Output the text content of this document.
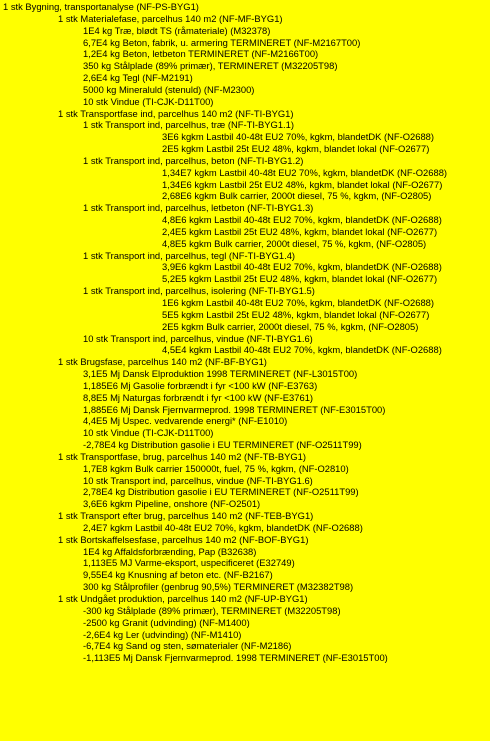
1 stk Bygning, transportanalyse (NF-PS-BYG1)
1 stk Materialefase, parcelhus 140 m2 (NF-MF-BYG1)
1E4 kg Træ, blødt TS (råmateriale) (M32378)
6,7E4 kg Beton, fabrik, u. armering TERMINERET (NF-M2167T00)
1,2E4 kg Beton, letbeton TERMINERET (NF-M2166T00)
350 kg Stålplade (89% primær), TERMINERET (M32205T98)
2,6E4 kg Tegl (NF-M2191)
5000 kg Mineraluld (stenuld) (NF-M2300)
10 stk Vindue (TI-CJK-D11T00)
1 stk Transportfase ind, parcelhus 140 m2 (NF-TI-BYG1)
1 stk Transport ind, parcelhus, træ (NF-TI-BYG1.1)
3E6 kgkm Lastbil 40-48t EU2 70%, kgkm, blandetDK (NF-O2688)
2E5 kgkm Lastbil 25t EU2 48%, kgkm, blandet lokal (NF-O2677)
1 stk Transport ind, parcelhus, beton (NF-TI-BYG1.2)
1,34E7 kgkm Lastbil 40-48t EU2 70%, kgkm, blandetDK (NF-O2688)
1,34E6 kgkm Lastbil 25t EU2 48%, kgkm, blandet lokal (NF-O2677)
2,68E6 kgkm Bulk carrier, 2000t diesel, 75 %, kgkm, (NF-O2805)
1 stk Transport ind, parcelhus, letbeton (NF-TI-BYG1.3)
4,8E6 kgkm Lastbil 40-48t EU2 70%, kgkm, blandetDK (NF-O2688)
2,4E5 kgkm Lastbil 25t EU2 48%, kgkm, blandet lokal (NF-O2677)
4,8E5 kgkm Bulk carrier, 2000t diesel, 75 %, kgkm, (NF-O2805)
1 stk Transport ind, parcelhus, tegl (NF-TI-BYG1.4)
3,9E6 kgkm Lastbil 40-48t EU2 70%, kgkm, blandetDK (NF-O2688)
5,2E5 kgkm Lastbil 25t EU2 48%, kgkm, blandet lokal (NF-O2677)
1 stk Transport ind, parcelhus, isolering (NF-TI-BYG1.5)
1E6 kgkm Lastbil 40-48t EU2 70%, kgkm, blandetDK (NF-O2688)
5E5 kgkm Lastbil 25t EU2 48%, kgkm, blandet lokal (NF-O2677)
2E5 kgkm Bulk carrier, 2000t diesel, 75 %, kgkm, (NF-O2805)
10 stk Transport ind, parcelhus, vindue (NF-TI-BYG1.6)
4,5E4 kgkm Lastbil 40-48t EU2 70%, kgkm, blandetDK (NF-O2688)
1 stk Brugsfase, parcelhus 140 m2 (NF-BF-BYG1)
3,1E5 Mj Dansk Elproduktion 1998 TERMINERET (NF-L3015T00)
1,185E6 Mj Gasolie forbrændt i fyr <100 kW (NF-E3763)
8,8E5 Mj Naturgas forbrændt i fyr <100 kW (NF-E3761)
1,885E6 Mj Dansk Fjernvarmeprod. 1998 TERMINERET (NF-E3015T00)
4,4E5 Mj Uspec. vedvarende energi* (NF-E1010)
10 stk Vindue (TI-CJK-D11T00)
-2,78E4 kg Distribution gasolie i EU TERMINERET (NF-O2511T99)
1 stk Transportfase, brug, parcelhus 140 m2 (NF-TB-BYG1)
1,7E8 kgkm Bulk carrier 150000t, fuel, 75 %, kgkm, (NF-O2810)
10 stk Transport ind, parcelhus, vindue (NF-TI-BYG1.6)
2,78E4 kg Distribution gasolie i EU TERMINERET (NF-O2511T99)
3,6E6 kgkm Pipeline, onshore (NF-O2501)
1 stk Transport efter brug, parcelhus 140 m2 (NF-TEB-BYG1)
2,4E7 kgkm Lastbil 40-48t EU2 70%, kgkm, blandetDK (NF-O2688)
1 stk Bortskaffelsesfase, parcelhus 140 m2 (NF-BOF-BYG1)
1E4 kg Affaldsforbrænding, Pap (B32638)
1,113E5 MJ Varme-eksport, uspecificeret (E32749)
9,55E4 kg Knusning af beton etc. (NF-B2167)
300 kg Stålprofiler (genbrug 90,5%) TERMINERET (M32382T98)
1 stk Undgået produktion, parcelhus 140 m2 (NF-UP-BYG1)
-300 kg Stålplade (89% primær), TERMINERET (M32205T98)
-2500 kg Granit (udvinding) (NF-M1400)
-2,6E4 kg Ler (udvinding) (NF-M1410)
-6,7E4 kg Sand og sten, sømaterialer (NF-M2186)
-1,113E5 Mj Dansk Fjernvarmeprod. 1998 TERMINERET (NF-E3015T00)
